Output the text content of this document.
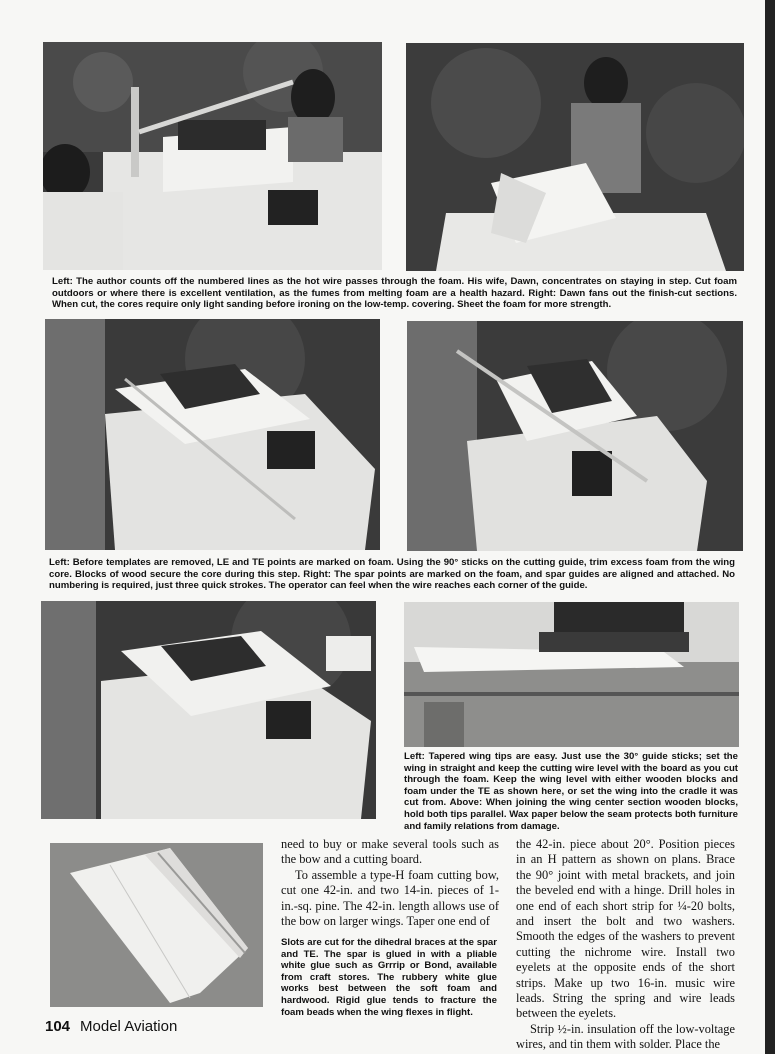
Left: The author counts off the numbered lines as the hot wire passes through the foam. His wife, Dawn, concentrates on staying in step. Cut foam outdoors or where there is excellent ventilation, as the fumes from melting foam are a health hazard. Right: Dawn fans out the finish-cut sections. When cut, the cores require only light sanding before ironing on the low-temp. covering. Sheet the foam for more strength.

Left: Before templates are removed, LE and TE points are marked on foam. Using the 90° sticks on the cutting guide, trim excess foam from the wing core. Blocks of wood secure the core during this step. Right: The spar points are marked on the foam, and spar guides are aligned and attached. No numbering is required, just three quick strokes. The operator can feel when the wire reaches each corner of the guide.

Left: Tapered wing tips are easy. Just use the 30° guide sticks; set the wing in straight and keep the cutting wire level with the board as you cut through the foam. Keep the wing level with either wooden blocks and foam under the TE as shown here, or set the wing into the cradle it was cut from. Above: When joining the wing center section wooden blocks, hold both tips parallel. Wax paper below the seam protects both furniture and family relations from damage.

Slots are cut for the dihedral braces at the spar and TE. The spar is glued in with a pliable white glue such as Grrrip or Bond, available from craft stores. The rubbery white glue works best between the soft foam and hardwood. Rigid glue tends to fracture the foam beads when the wing flexes in flight.

need to buy or make several tools such as the bow and a cutting board.

To assemble a type-H foam cutting bow, cut one 42-in. and two 14-in. pieces of 1-in.-sq. pine. The 42-in. length allows use of the bow on larger wings. Taper one end of

the 42-in. piece about 20°. Position pieces in an H pattern as shown on plans. Brace the 90° joint with metal brackets, and join the beveled end with a hinge. Drill holes in one end of each short strip for ¼-20 bolts, and insert the bolt and two washers. Smooth the edges of the washers to prevent cutting the nichrome wire. Install two eyelets at the opposite ends of the short strips. Make up two 16-in. music wire leads. String the spring and wire leads between the eyelets.

Strip ½-in. insulation off the low-voltage wires, and tin them with solder. Place the

104 Model Aviation
